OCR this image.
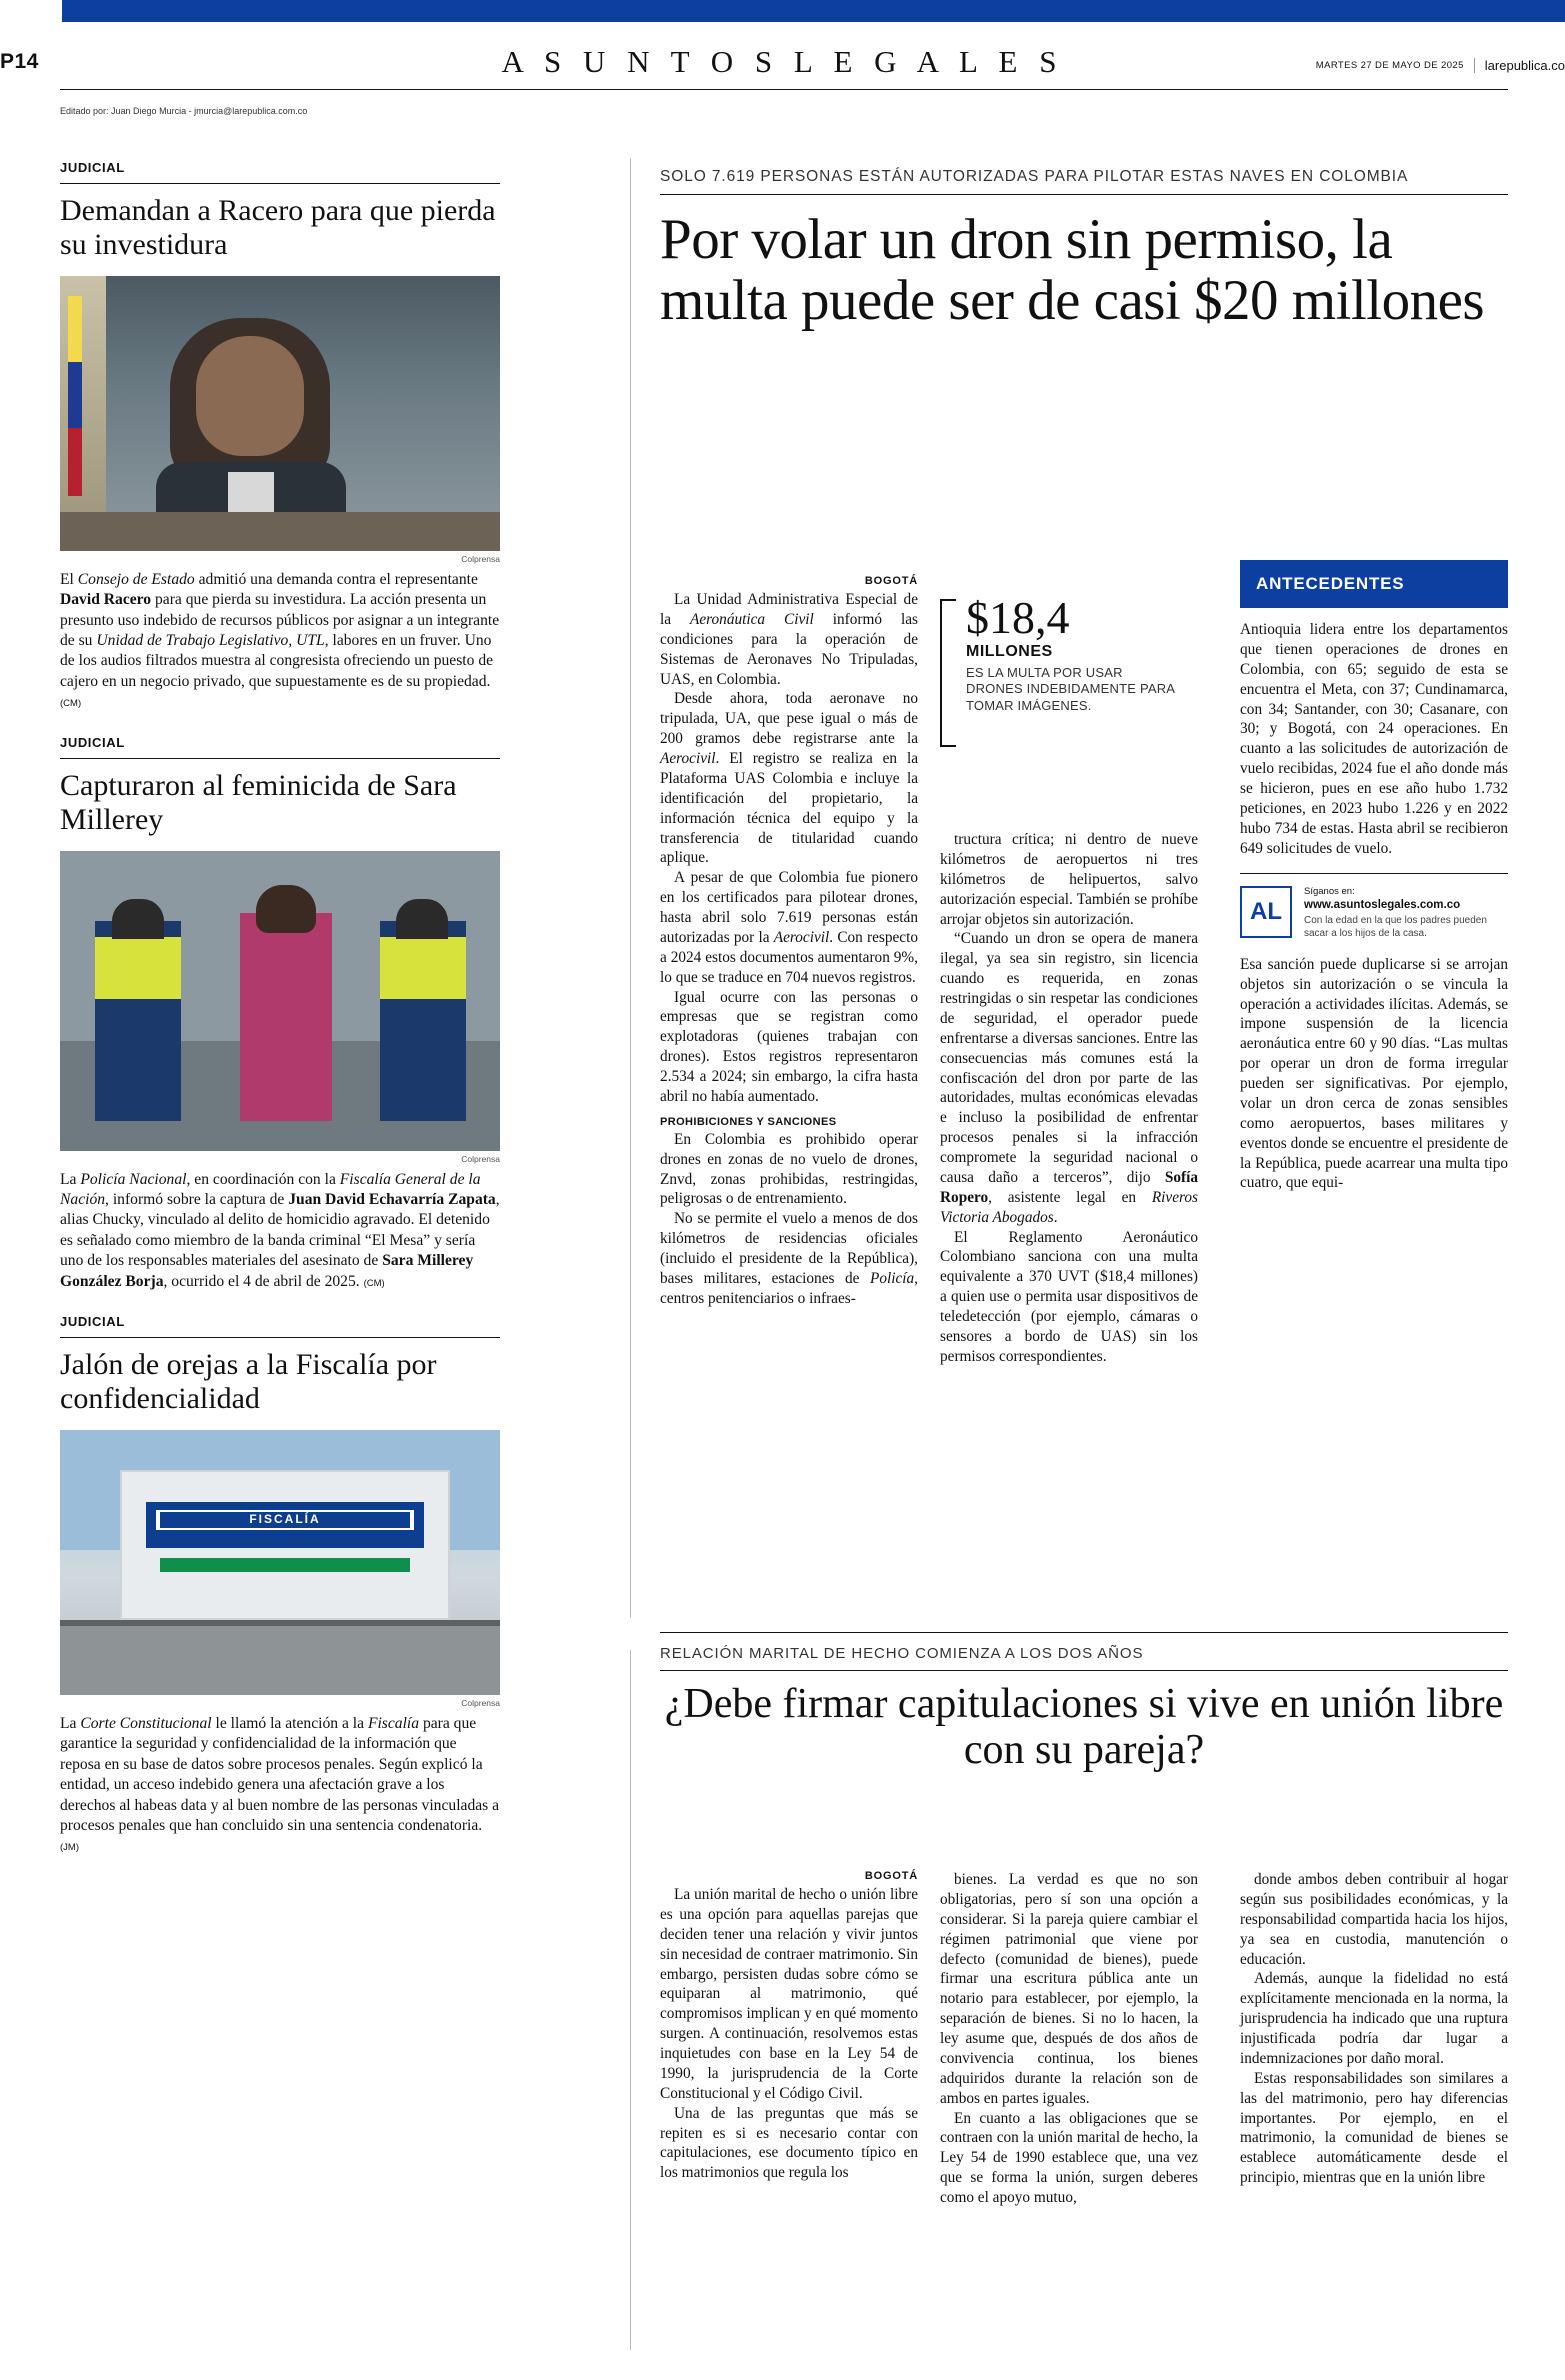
P14	A S U N T O S L E G A L E S	MARTES 27 DE MAYO DE 2025 larepublica.co
Editado por: Juan Diego Murcia - jmurcia@larepublica.com.co
JUDICIAL
Demandan a Racero para que pierda su investidura
Colprensa
El Consejo de Estado admitió una demanda contra el representante David Racero para que pierda su investidura. La acción presenta un presunto uso indebido de recursos públicos por asignar a un integrante de su Unidad de Trabajo Legislativo, UTL, labores en un fruver. Uno de los audios filtrados muestra al congresista ofreciendo un puesto de cajero en un negocio privado, que supuestamente es de su propiedad. (CM)
JUDICIAL
Capturaron al feminicida de Sara Millerey
Colprensa
La Policía Nacional, en coordinación con la Fiscalía General de la Nación, informó sobre la captura de Juan David Echavarría Zapata, alias Chucky, vinculado al delito de homicidio agravado. El detenido es señalado como miembro de la banda criminal “El Mesa” y sería uno de los responsables materiales del asesinato de Sara Millerey González Borja, ocurrido el 4 de abril de 2025. (CM)
JUDICIAL
Jalón de orejas a la Fiscalía por confidencialidad
FISCALÍA
Colprensa
La Corte Constitucional le llamó la atención a la Fiscalía para que garantice la seguridad y confidencialidad de la información que reposa en su base de datos sobre procesos penales. Según explicó la entidad, un acceso indebido genera una afectación grave a los derechos al habeas data y al buen nombre de las personas vinculadas a procesos penales que han concluido sin una sentencia condenatoria. (JM)
SOLO 7.619 PERSONAS ESTÁN AUTORIZADAS PARA PILOTAR ESTAS NAVES EN COLOMBIA
Por volar un dron sin permiso, la multa puede ser de casi $20 millones
BOGOTÁ

La Unidad Administrativa Especial de la Aeronáutica Civil informó las condiciones para la operación de Sistemas de Aeronaves No Tripuladas, UAS, en Colombia.

Desde ahora, toda aeronave no tripulada, UA, que pese igual o más de 200 gramos debe registrarse ante la Aerocivil. El registro se realiza en la Plataforma UAS Colombia e incluye la identificación del propietario, la información técnica del equipo y la transferencia de titularidad cuando aplique.

A pesar de que Colombia fue pionero en los certificados para pilotear drones, hasta abril solo 7.619 personas están autorizadas por la Aerocivil. Con respecto a 2024 estos documentos aumentaron 9%, lo que se traduce en 704 nuevos registros.

Igual ocurre con las personas o empresas que se registran como explotadoras (quienes trabajan con drones). Estos registros representaron 2.534 a 2024; sin embargo, la cifra hasta abril no había aumentado.

PROHIBICIONES Y SANCIONES

En Colombia es prohibido operar drones en zonas de no vuelo de drones, Znvd, zonas prohibidas, restringidas, peligrosas o de entrenamiento.

No se permite el vuelo a menos de dos kilómetros de residencias oficiales (incluido el presidente de la República), bases militares, estaciones de Policía, centros penitenciarios o infraes-

$18,4
MILLONES
ES LA MULTA POR USAR DRONES INDEBIDAMENTE PARA TOMAR IMÁGENES.

tructura crítica; ni dentro de nueve kilómetros de aeropuertos ni tres kilómetros de helipuertos, salvo autorización especial. También se prohíbe arrojar objetos sin autorización.

“Cuando un dron se opera de manera ilegal, ya sea sin registro, sin licencia cuando es requerida, en zonas restringidas o sin respetar las condiciones de seguridad, el operador puede enfrentarse a diversas sanciones. Entre las consecuencias más comunes está la confiscación del dron por parte de las autoridades, multas económicas elevadas e incluso la posibilidad de enfrentar procesos penales si la infracción compromete la seguridad nacional o causa daño a terceros”, dijo Sofía Ropero, asistente legal en Riveros Victoria Abogados.

El Reglamento Aeronáutico Colombiano sanciona con una multa equivalente a 370 UVT ($18,4 millones) a quien use o permita usar dispositivos de teledetección (por ejemplo, cámaras o sensores a bordo de UAS) sin los permisos correspondientes.

ANTECEDENTES
Antioquia lidera entre los departamentos que tienen operaciones de drones en Colombia, con 65; seguido de esta se encuentra el Meta, con 37; Cundinamarca, con 34; Santander, con 30; Casanare, con 30; y Bogotá, con 24 operaciones. En cuanto a las solicitudes de autorización de vuelo recibidas, 2024 fue el año donde más se hicieron, pues en ese año hubo 1.732 peticiones, en 2023 hubo 1.226 y en 2022 hubo 734 de estas. Hasta abril se recibieron 649 solicitudes de vuelo.
AL
Síganos en:
www.asuntoslegales.com.co
Con la edad en la que los padres pueden sacar a los hijos de la casa.
Esa sanción puede duplicarse si se arrojan objetos sin autorización o se vincula la operación a actividades ilícitas. Además, se impone suspensión de la licencia aeronáutica entre 60 y 90 días. “Las multas por operar un dron de forma irregular pueden ser significativas. Por ejemplo, volar un dron cerca de zonas sensibles como aeropuertos, bases militares y eventos donde se encuentre el presidente de la República, puede acarrear una multa tipo cuatro, que equi-
RELACIÓN MARITAL DE HECHO COMIENZA A LOS DOS AÑOS
¿Debe firmar capitulaciones si vive en unión libre con su pareja?
BOGOTÁ

La unión marital de hecho o unión libre es una opción para aquellas parejas que deciden tener una relación y vivir juntos sin necesidad de contraer matrimonio. Sin embargo, persisten dudas sobre cómo se equiparan al matrimonio, qué compromisos implican y en qué momento surgen. A continuación, resolvemos estas inquietudes con base en la Ley 54 de 1990, la jurisprudencia de la Corte Constitucional y el Código Civil.

Una de las preguntas que más se repiten es si es necesario contar con capitulaciones, ese documento típico en los matrimonios que regula los

bienes. La verdad es que no son obligatorias, pero sí son una opción a considerar. Si la pareja quiere cambiar el régimen patrimonial que viene por defecto (comunidad de bienes), puede firmar una escritura pública ante un notario para establecer, por ejemplo, la separación de bienes. Si no lo hacen, la ley asume que, después de dos años de convivencia continua, los bienes adquiridos durante la relación son de ambos en partes iguales.

En cuanto a las obligaciones que se contraen con la unión marital de hecho, la Ley 54 de 1990 establece que, una vez que se forma la unión, surgen deberes como el apoyo mutuo,

donde ambos deben contribuir al hogar según sus posibilidades económicas, y la responsabilidad compartida hacia los hijos, ya sea en custodia, manutención o educación.

Además, aunque la fidelidad no está explícitamente mencionada en la norma, la jurisprudencia ha indicado que una ruptura injustificada podría dar lugar a indemnizaciones por daño moral.

Estas responsabilidades son similares a las del matrimonio, pero hay diferencias importantes. Por ejemplo, en el matrimonio, la comunidad de bienes se establece automáticamente desde el principio, mientras que en la unión libre
